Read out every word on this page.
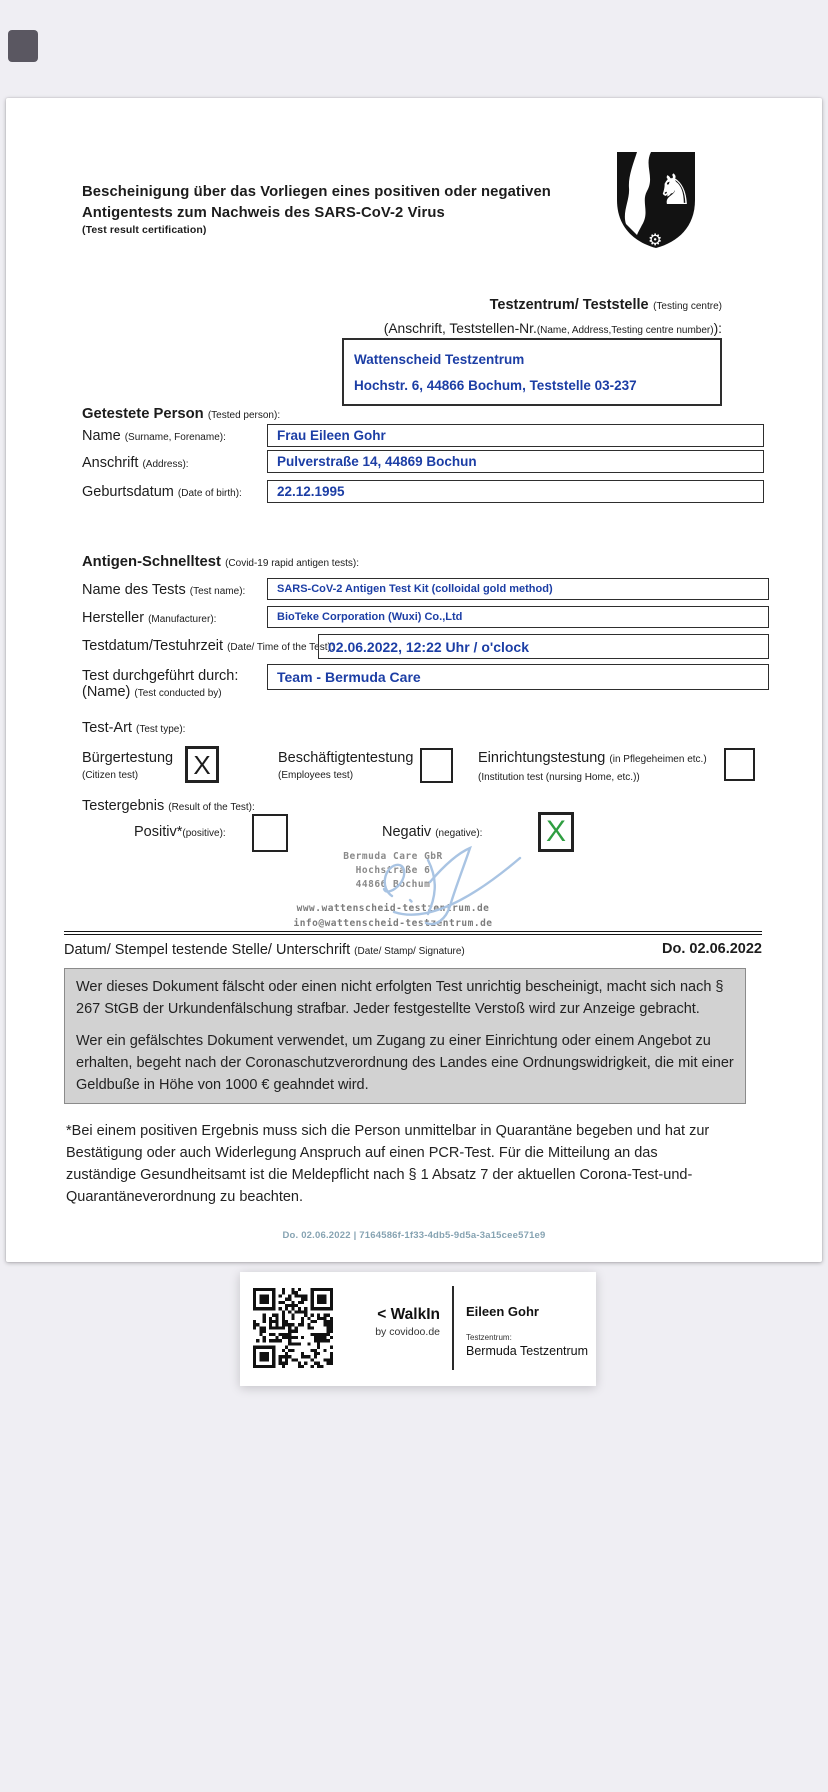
Bescheinigung über das Vorliegen eines positiven oder negativen
Antigentests zum Nachweis des SARS-CoV-2 Virus
(Test result certification)
♞
⚙
Testzentrum/ Teststelle (Testing centre)
(Anschrift, Teststellen-Nr.(Name, Address,Testing centre number)):
Wattenscheid Testzentrum
Hochstr. 6, 44866 Bochum, Teststelle 03-237
Getestete Person (Tested person):
Name (Surname, Forename):	Frau Eileen Gohr
Anschrift (Address):	Pulverstraße 14, 44869 Bochun
Geburtsdatum (Date of birth):	22.12.1995
Antigen-Schnelltest (Covid-19 rapid antigen tests):
Name des Tests (Test name):	SARS-CoV-2 Antigen Test Kit (colloidal gold method)
Hersteller (Manufacturer):	BioTeke Corporation (Wuxi) Co.,Ltd
Testdatum/Testuhrzeit (Date/ Time of the Test):
02.06.2022, 12:22 Uhr / o'clock
Test durchgeführt durch:
(Name) (Test conducted by)
Team - Bermuda Care
Test-Art (Test type):
Bürgertestung
(Citizen test)	X	Beschäftigtentestung
(Employees test)
Einrichtungstestung (in Pflegeheimen etc.)
(Institution test (nursing Home, etc.))
Testergebnis (Result of the Test):
Positiv*(positive):	Negativ (negative): X
Bermuda Care GbR
Hochstraße 6
44866 Bochum
www.wattenscheid-testzentrum.de
info@wattenscheid-testzentrum.de
Datum/ Stempel testende Stelle/ Unterschrift (Date/ Stamp/ Signature)	Do. 02.06.2022

Wer dieses Dokument fälscht oder einen nicht erfolgten Test unrichtig bescheinigt, macht sich nach § 267 StGB der Urkundenfälschung strafbar. Jeder festgestellte Verstoß wird zur Anzeige gebracht.

Wer ein gefälschtes Dokument verwendet, um Zugang zu einer Einrichtung oder einem Angebot zu erhalten, begeht nach der Coronaschutzverordnung des Landes eine Ordnungswidrigkeit, die mit einer Geldbuße in Höhe von 1000 € geahndet wird.

*Bei einem positiven Ergebnis muss sich die Person unmittelbar in Quarantäne begeben und hat zur Bestätigung oder auch Widerlegung Anspruch auf einen PCR-Test. Für die Mitteilung an das zuständige Gesundheitsamt ist die Meldepflicht nach § 1 Absatz 7 der aktuellen Corona-Test-und-Quarantäneverordnung zu beachten.
Do. 02.06.2022 | 7164586f-1f33-4db5-9d5a-3a15cee571e9
< WalkIn
by covidoo.de
Eileen Gohr
Testzentrum:
Bermuda Testzentrum
